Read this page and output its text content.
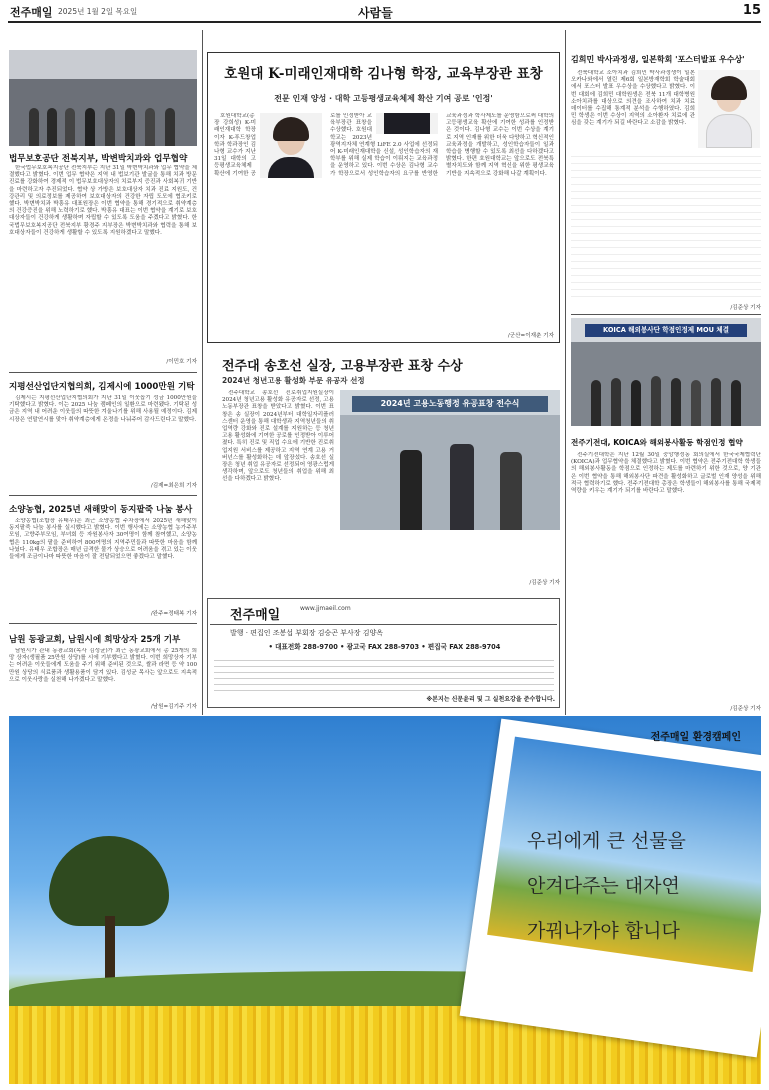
전주매일 2025년 1월 2일 목요일	사람들	15
법무보호공단 전북지부, 박변박치과와 업무협약

한국법무보호복지공단 전북지부는 지난 31일 박변박치과와 업무 협약을 체결했다고 밝혔다. 이번 업무 협약은 지역 내 법보기관 발굴을 통해 치과 방문 진료를 강화하여 경제적 이 법무보호대상자의 치료부지 증진과 사회복귀 기반을 마련하고자 추진되었다. 협약 상 가방은 보호대상자 치과 진료 지원도, 건강관리 및 의료정보를 제공하여 보호대상자의 건강한 자립 도모에 협조키로 했다. 박변박치과 박흥유 대표원장은 이번 협약을 통해 경기적으로 취약계층의 건강증진을 위해 노력하기로 했다. 박흥유 대표는 이번 협약을 계기로 보호대상자들이 건강하게 생활하며 자립할 수 있도록 도움을 주겠다고 밝혔다. 한국법무보호복지공단 전북지부 황경주 지부장은 박변박치과와 협력을 통해 보호대상자들이 건강하게 생활할 수 있도록 지원하겠다고 말했다.

/이민호 기자
지평선산업단지협의회, 김제시에 1000만원 기탁

김제시는 지평선산업단지협의회가 지난 31일 이웃돕기 성금 1000만원을 기탁했다고 밝혔다. 이는 2025 나눔 캠페인의 일환으로 마련됐다. 기탁된 성금은 지역 내 어려운 이웃들의 따뜻한 겨울나기를 위해 사용될 예정이다. 김제시장은 연말연시를 맞아 취약계층에게 온정을 나눠주어 감사드린다고 말했다.

/김제=최은희 기자
소양농협, 2025년 새해맞이 동지팥죽 나눔 봉사

소양농협(조합장 유태우)은 최근 소양농협 주차장에서 2025년 새해맞이 동지팥죽 나눔 봉사를 실시했다고 밝혔다. 이번 행사에는 소양농협 농가주부모임, 고향주부모임, 부녀회 등 자원봉사자 30여명이 함께 참여했고, 소양농협은 110kg의 팥을 준비하여 800여명의 지역주민들과 따뜻한 마음을 함께 나눴다. 유태우 조합장은 매년 급격한 물가 상승으로 어려움을 겪고 있는 이웃들에게 조금이나마 따뜻한 마음이 잘 전달되었으면 좋겠다고 말했다.

/완주=정태복 기자
남원 동광교회, 남원시에 희망상자 25개 기부

남원시가 관내 동광교회(목사 김성균)가 최근 동광교회에서 총 25개의 희망 상자(생필품 25만원 상당)를 시에 기부했다고 밝혔다. 이번 희망상자 기부는 어려운 이웃들에게 도움을 주기 위해 준비된 것으로, 쌀과 라면 등 약 100만원 상당의 식료품과 생활용품이 담겨 있다. 김성균 목사는 앞으로도 지속적으로 이웃사랑을 실천해 나가겠다고 말했다.

/남원=김기주 기자
호원대 K-미래인재대학 김나형 학장, 교육부장관 표창
전문 인재 양성 · 대학 고등평생교육체제 확산 기여 공로 '인정'

호원대학교(총장 강희성) K-미래인재대학 학장이자 K-푸드창업학과 학과장인 김나형 교수가 지난 31일 대학의 고등평생교육체제 확산에 기여한 공로를 인정받아 교육부장관 표창을 수상했다. 호원대학교는 2023년 광역지자체 연계형 LiFE 2.0 사업에 선정되어 K-미래인재대학을 신설, 성인학습자의 재학부를 위해 실제 학습이 이뤄지는 교육과정을 운영하고 있다. 이번 수상은 김나형 교수가 학장으로서 성인학습자의 요구를 반영한 교육과정과 학사제도를 운영함으로써 대학의 고등평생교육 확산에 기여한 성과를 인정받은 것이다. 김나형 교수는 이번 수상을 계기로 지역 인재를 위한 더욱 다양하고 혁신적인 교육과정을 개발하고, 성인학습자들이 일과 학습을 병행할 수 있도록 최선을 다하겠다고 밝혔다. 한편 호원대학교는 앞으로도 전북특별자치도와 함께 지역 혁신을 위한 평생교육 기반을 지속적으로 강화해 나갈 계획이다.

/군산=이재춘 기자
전주대 송호선 실장, 고용부장관 표창 수상
2024년 청년고용 활성화 부문 유공자 선정

전주대학교 송호선 진로취업지원실장이 2024년 청년고용 활성화 유공자로 선정, 고용노동부장관 표창을 받았다고 밝혔다. 이번 표창은 송 실장이 2024년부터 대학일자리플러스센터 운영을 통해 대학생과 지역청년들의 취업역량 강화와 진로 설계를 지원하는 등 청년고용 활성화에 기여한 공로를 인정받아 이루어졌다. 특히 진로 및 직업 수요에 기반한 진로취업지원 서비스를 제공하고 지역 연계 고용 거버넌스를 활성화하는 데 앞장섰다. 송호선 실장은 청년 취업 유공자로 선정되어 영광스럽게 생각하며, 앞으로도 청년들의 취업을 위해 최선을 다하겠다고 밝혔다.

2024년 고용노동행정 유공표창 전수식
/김준상 기자
전주매일	www.jjmaeil.com
발행 · 편집인 조봉섭 부회장 김승곤 부사장 김양옥
• 대표전화 288-9700 • 광고국 FAX 288-9703 • 편집국 FAX 288-9704
※본지는 신문윤리 및 그 실천요강을 준수합니다.
김희민 박사과정생, 일본학회 '포스터발표 우수상'

전북대학교 소아치과 김희민 박사과정생이 일본 오카나와에서 열린 제6회 일본방재학회 학술대회에서 포스터 발표 우수상을 수상했다고 밝혔다. 이번 대회에 김희민 대학원생은 전북 11개 대학병원 소아치과를 대상으로 의견을 조사하여 치과 치료 데이터를 수집해 통계적 분석을 수행하였다. 김희민 학생은 이번 수상이 지역의 소아환자 치료에 관심을 갖는 계기가 되길 바란다고 소감을 밝혔다.

/김준상 기자
KOICA 해외봉사단 학점인정제 MOU 체결
전주기전대, KOICA와 해외봉사활동 학점인정 협약

전주기전대학은 지난 12월 30일 중앙행정동 회의실에서 한국국제협력단(KOICA)과 업무협약을 체결했다고 밝혔다. 이번 협약은 전주기전대학 학생들의 해외봉사활동을 학점으로 인정하는 제도를 마련하기 위한 것으로, 양 기관은 이번 협약을 통해 해외봉사단 파견을 활성화하고 글로벌 인재 양성을 위해 적극 협력하기로 했다. 전주기전대학 총장은 학생들이 해외봉사를 통해 국제적 역량을 키우는 계기가 되기를 바란다고 말했다.

/김준상 기자
전주매일 환경캠페인
우리에게 큰 선물을
안겨다주는 대자연
가꿔나가야 합니다
